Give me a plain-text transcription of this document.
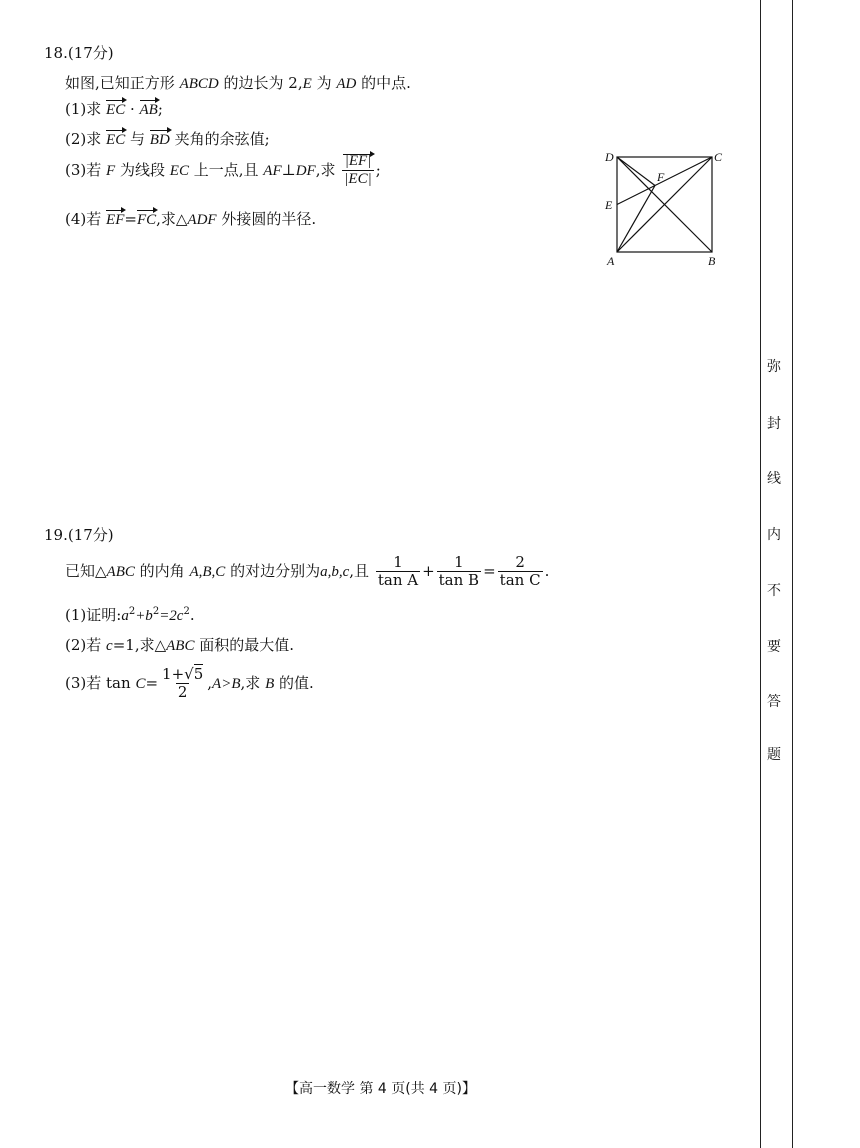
18.(17分)
如图,已知正方形 ABCD 的边长为 2,E 为 AD 的中点.
(1)求 EC · AB;
(2)求 EC 与 BD 夹角的余弦值;
(3)若 F 为线段 EC 上一点,且 AF⊥DF,求 $\frac{|EF|}{|EC|}$ ;
(4)若 EF=FC,求△ADF 外接圆的半径.
D	C
E
F
A	B
19.(17分)
已知△ABC 的内角 A,B,C 的对边分别为a,b,c,且 $\frac{1}{\text{tan A}} + \frac{1}{\text{tan B}} = \frac{2}{\text{tan C}}$ .
(1)证明$:a^2+b^2=2c^2$.
(2)若 c=1,求△ABC 面积的最大值.
(3)若 $\tan C= \frac{1+√5}{2} ,A>B$,求 B 的值.
【高一数学 第 4 页(共 4 页)】
弥
封
线
内
不
要
答
题
